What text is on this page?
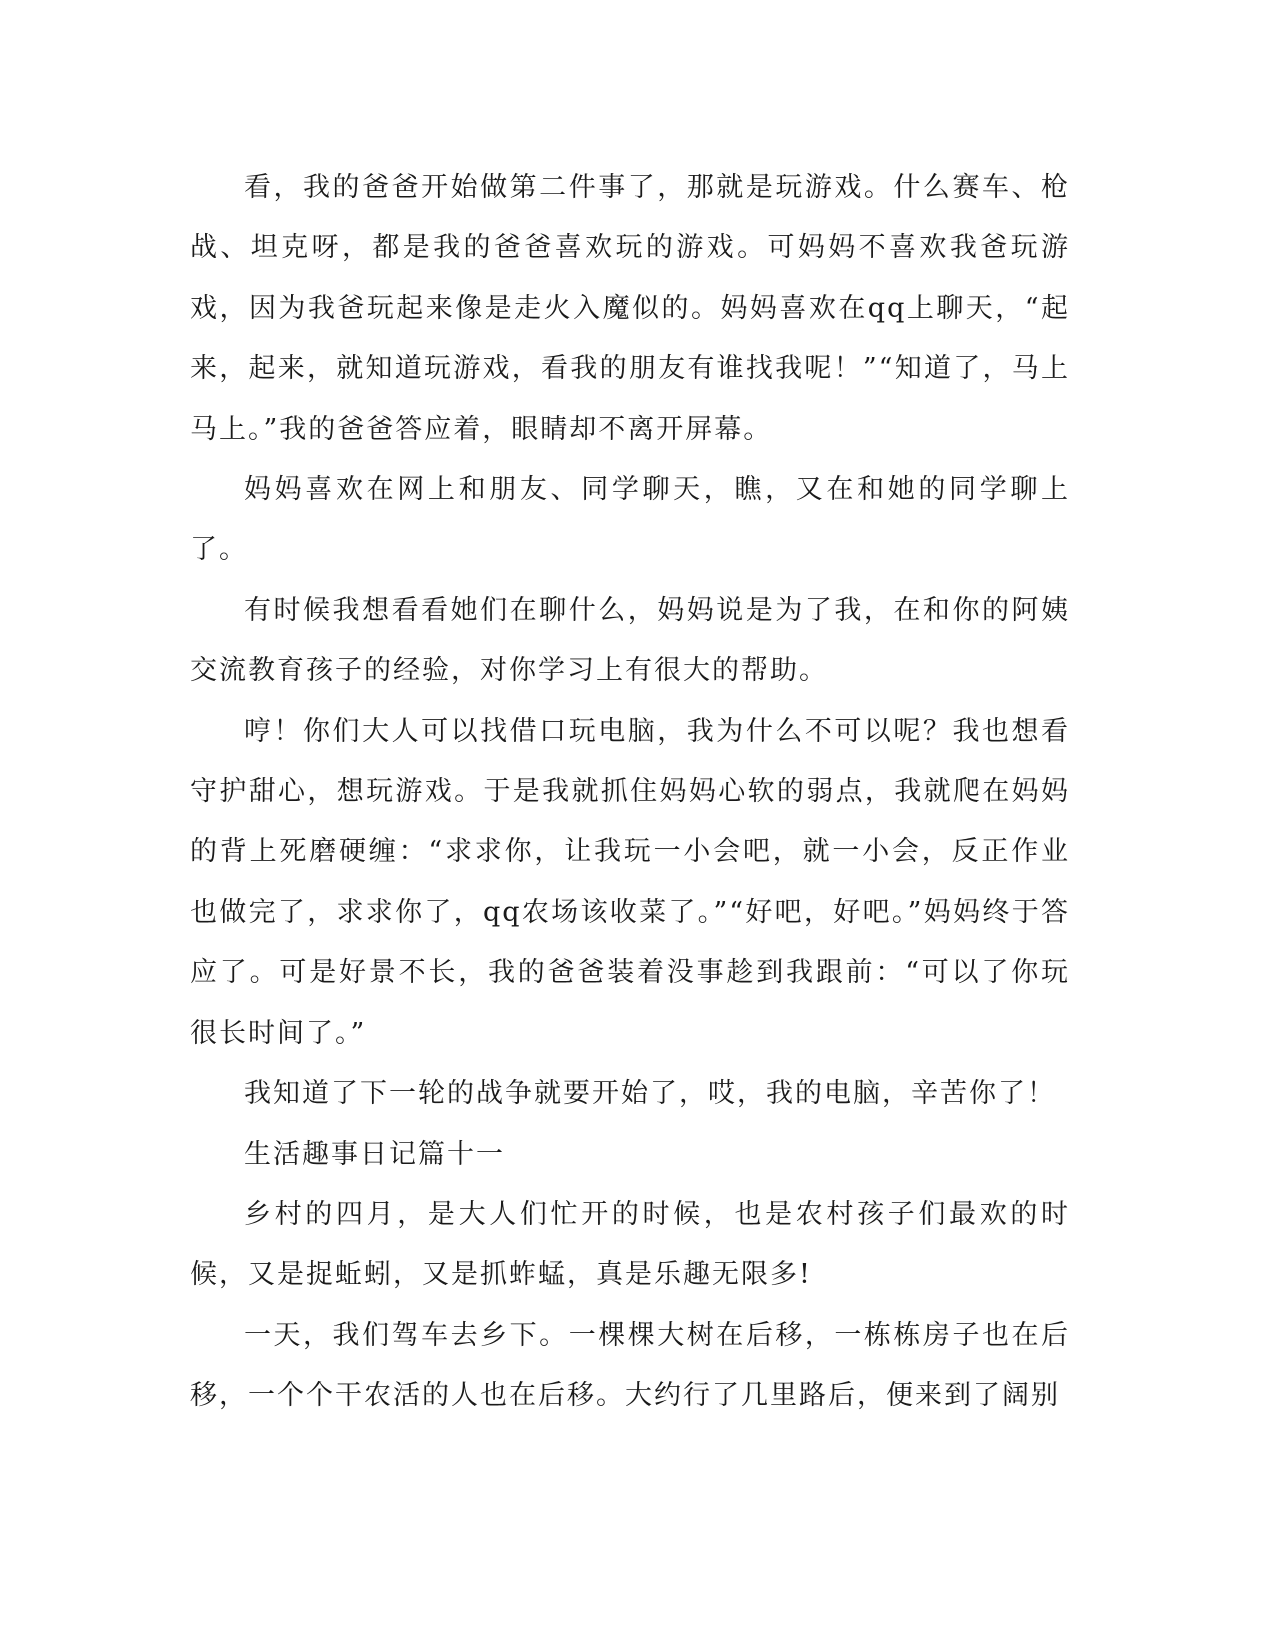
看，我的爸爸开始做第二件事了，那就是玩游戏。什么赛车、枪战、坦克呀，都是我的爸爸喜欢玩的游戏。可妈妈不喜欢我爸玩游戏，因为我爸玩起来像是走火入魔似的。妈妈喜欢在qq上聊天，“起来，起来，就知道玩游戏，看我的朋友有谁找我呢！”“知道了，马上马上。”我的爸爸答应着，眼睛却不离开屏幕。

妈妈喜欢在网上和朋友、同学聊天，瞧，又在和她的同学聊上了。

有时候我想看看她们在聊什么，妈妈说是为了我，在和你的阿姨交流教育孩子的经验，对你学习上有很大的帮助。

哼！你们大人可以找借口玩电脑，我为什么不可以呢？我也想看守护甜心，想玩游戏。于是我就抓住妈妈心软的弱点，我就爬在妈妈的背上死磨硬缠：“求求你，让我玩一小会吧，就一小会，反正作业也做完了，求求你了，qq农场该收菜了。”“好吧，好吧。”妈妈终于答应了。可是好景不长，我的爸爸装着没事趁到我跟前：“可以了你玩很长时间了。”

我知道了下一轮的战争就要开始了，哎，我的电脑，辛苦你了！

生活趣事日记篇十一

乡村的四月，是大人们忙开的时候，也是农村孩子们最欢的时候，又是捉蚯蚓，又是抓蚱蜢，真是乐趣无限多!

一天，我们驾车去乡下。一棵棵大树在后移，一栋栋房子也在后移，一个个干农活的人也在后移。大约行了几里路后，便来到了阔别
